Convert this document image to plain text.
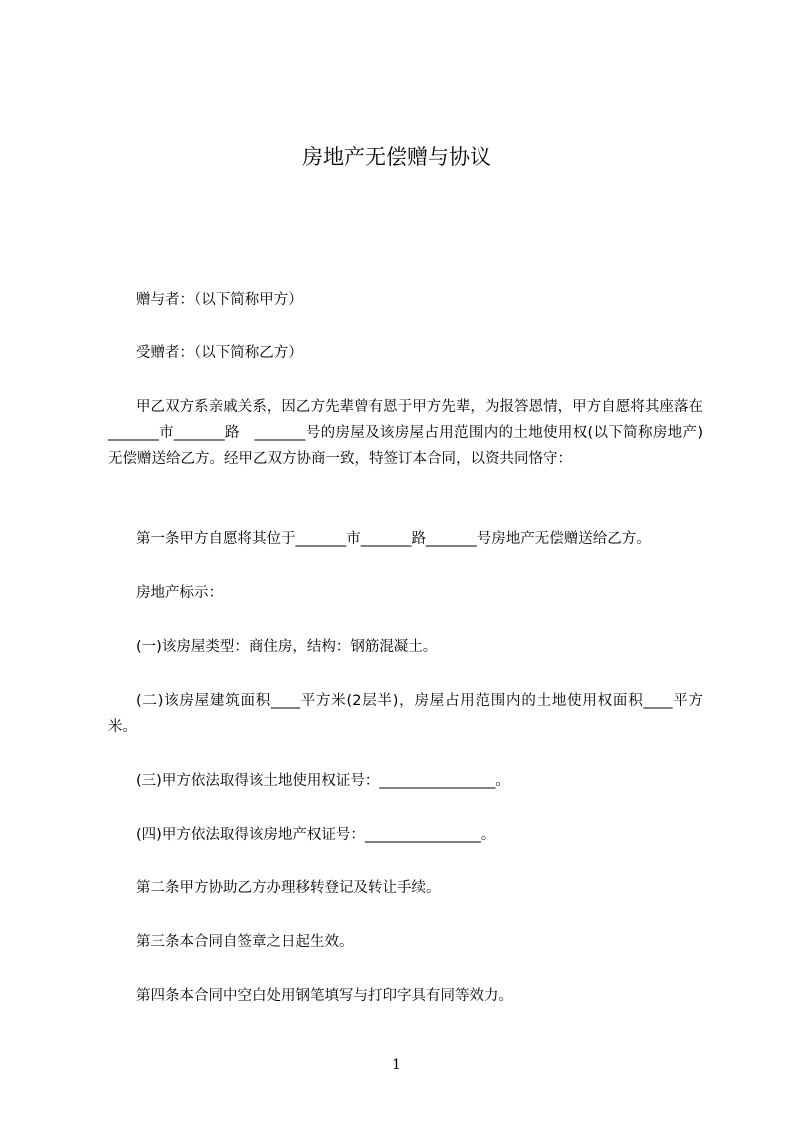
房地产无偿赠与协议

赠与者：（以下简称甲方）

受赠者：（以下简称乙方）

甲乙双方系亲戚关系，因乙方先辈曾有恩于甲方先辈，为报答恩情，甲方自愿将其座落在_______市_______路　_______号的房屋及该房屋占用范围内的土地使用权(以下简称房地产)无偿赠送给乙方。经甲乙双方协商一致，特签订本合同，以资共同恪守：

第一条甲方自愿将其位于_______市_______路_______号房地产无偿赠送给乙方。

房地产标示：

(一)该房屋类型：商住房，结构：钢筋混凝土。

(二)该房屋建筑面积____平方米(2层半)，房屋占用范围内的土地使用权面积____平方米。

(三)甲方依法取得该土地使用权证号：________________。

(四)甲方依法取得该房地产权证号：________________。

第二条甲方协助乙方办理移转登记及转让手续。

第三条本合同自签章之日起生效。

第四条本合同中空白处用钢笔填写与打印字具有同等效力。

1
